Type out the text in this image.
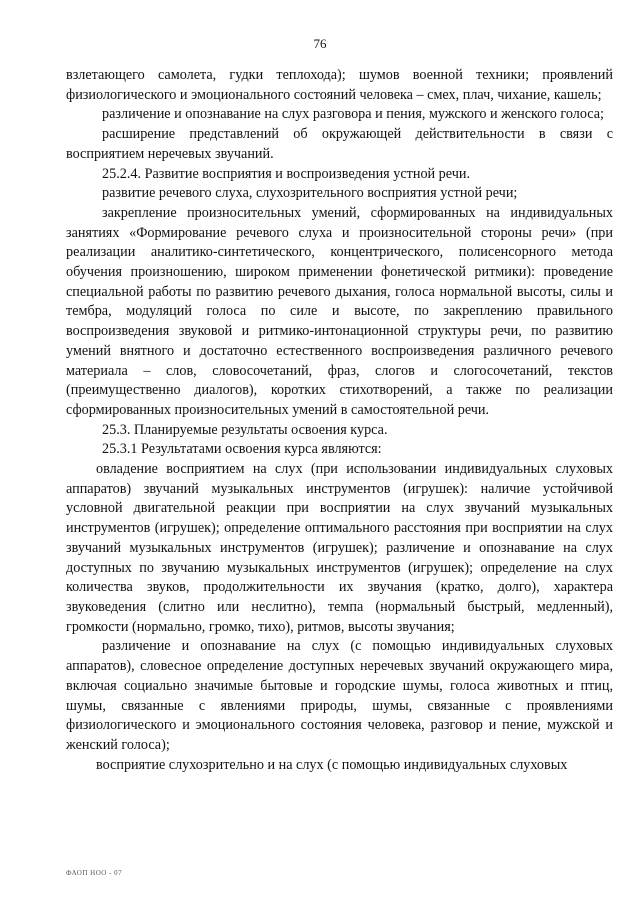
76

взлетающего самолета, гудки теплохода); шумов военной техники; проявлений физиологического и эмоционального состояний человека – смех, плач, чихание, кашель;

различение и опознавание на слух разговора и пения, мужского и женского голоса;

расширение представлений об окружающей действительности в связи с восприятием неречевых звучаний.

25.2.4. Развитие восприятия и воспроизведения устной речи.

развитие речевого слуха, слухозрительного восприятия устной речи;

закрепление произносительных умений, сформированных на индивидуальных занятиях «Формирование речевого слуха и произносительной стороны речи» (при реализации аналитико-синтетического, концентрического, полисенсорного метода обучения произношению, широком применении фонетической ритмики): проведение специальной работы по развитию речевого дыхания, голоса нормальной высоты, силы и тембра, модуляций голоса по силе и высоте, по закреплению правильного воспроизведения звуковой и ритмико-интонационной структуры речи, по развитию умений внятного и достаточно естественного воспроизведения различного речевого материала – слов, словосочетаний, фраз, слогов и слогосочетаний, текстов (преимущественно диалогов), коротких стихотворений, а также по реализации сформированных произносительных умений в самостоятельной речи.

25.3. Планируемые результаты освоения курса.

25.3.1 Результатами освоения курса являются:

овладение восприятием на слух (при использовании индивидуальных слуховых аппаратов) звучаний музыкальных инструментов (игрушек): наличие устойчивой условной двигательной реакции при восприятии на слух звучаний музыкальных инструментов (игрушек); определение оптимального расстояния при восприятии на слух звучаний музыкальных инструментов (игрушек); различение и опознавание на слух доступных по звучанию музыкальных инструментов (игрушек); определение на слух количества звуков, продолжительности их звучания (кратко, долго), характера звуковедения (слитно или неслитно), темпа (нормальный быстрый, медленный), громкости (нормально, громко, тихо), ритмов, высоты звучания;

различение и опознавание на слух (с помощью индивидуальных слуховых аппаратов), словесное определение доступных неречевых звучаний окружающего мира, включая социально значимые бытовые и городские шумы, голоса животных и птиц, шумы, связанные с явлениями природы, шумы, связанные с проявлениями физиологического и эмоционального состояния человека, разговор и пение, мужской и женский голоса);

восприятие слухозрительно и на слух (с помощью индивидуальных слуховых

ФАОП НОО - 07
